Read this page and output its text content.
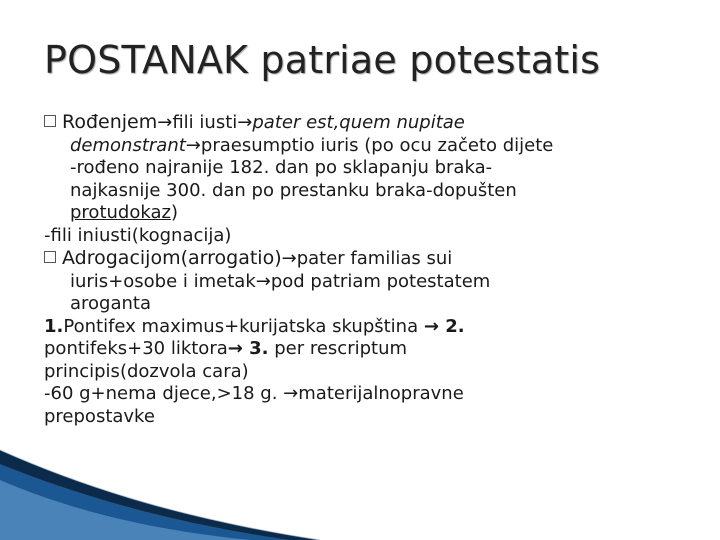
POSTANAK patriae potestatis
Rođenjem→fili iusti→pater est,quem nupitae
demonstrant→praesumptio iuris (po ocu začeto dijete
-rođeno najranije 182. dan po sklapanju braka-
najkasnije 300. dan po prestanku braka-dopušten
protudokaz)
-fili iniusti(kognacija)
Adrogacijom(arrogatio)→pater familias sui
iuris+osobe i imetak→pod patriam potestatem
aroganta
1.Pontifex maximus+kurijatska skupština → 2.
pontifeks+30 liktora→ 3. per rescriptum
principis(dozvola cara)
-60 g+nema djece,>18 g. →materijalnopravne
prepostavke
